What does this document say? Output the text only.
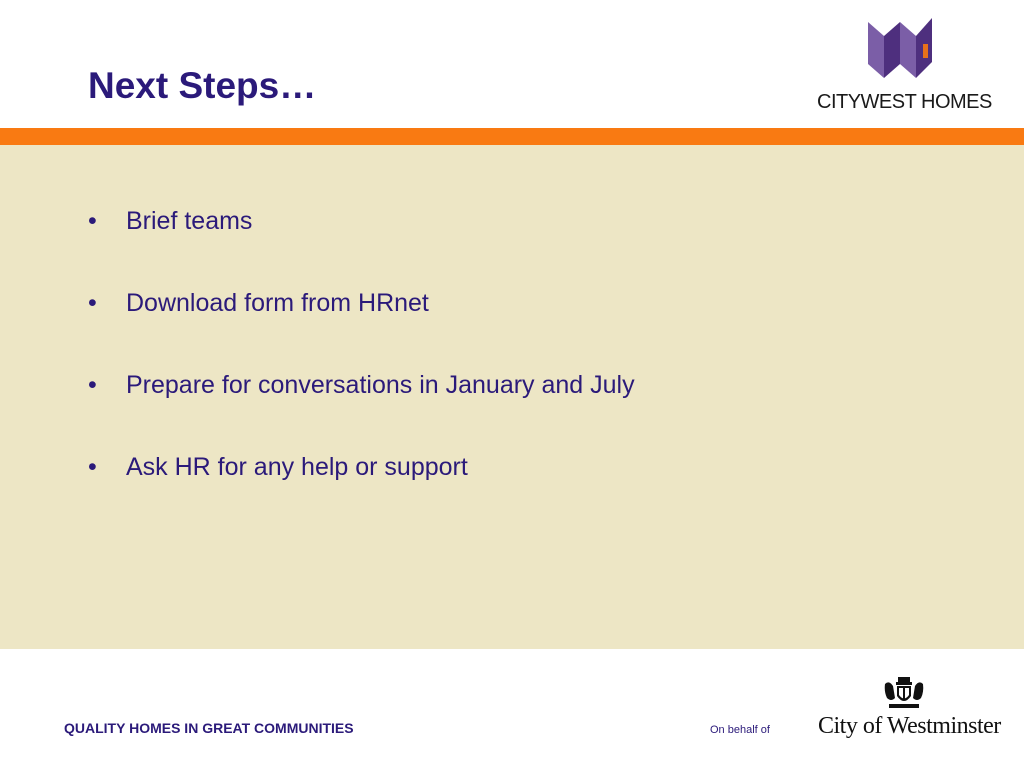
Next Steps…	CITYWEST HOMES
•	Brief teams
•	Download form from HRnet
•	Prepare for conversations in January and July
•	Ask HR for any help or support
QUALITY HOMES IN GREAT COMMUNITIES	On behalf of City of Westminster
